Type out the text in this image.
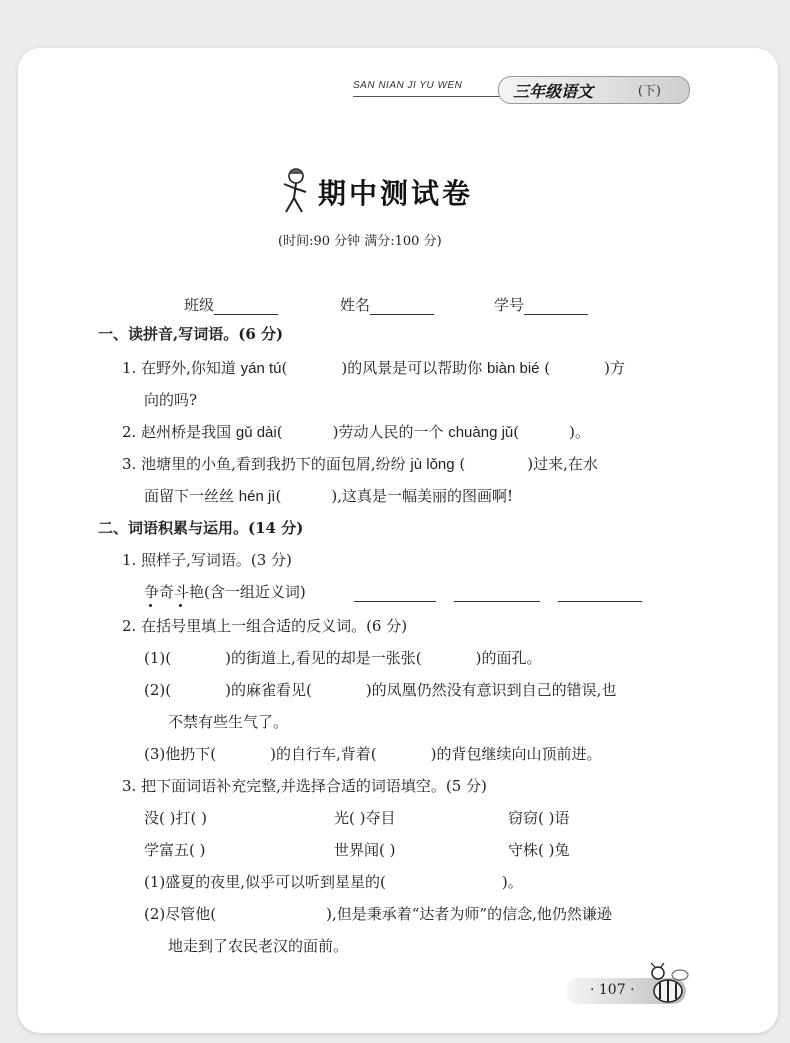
SAN NIAN JI YU WEN	三年级语文	(下)
期中测试卷
(时间:90 分钟 满分:100 分)
班级	姓名	学号
一、读拼音,写词语。(6 分)
1. 在野外,你知道 yán tú(	)的风景是可以帮助你 biàn bié (	)方
向的吗?
2. 赵州桥是我国 gǔ dài(	)劳动人民的一个 chuàng jǔ(	)。
3. 池塘里的小鱼,看到我扔下的面包屑,纷纷 jù lǒng (	)过来,在水
面留下一丝丝 hén jì(	),这真是一幅美丽的图画啊!
二、词语积累与运用。(14 分)
1. 照样子,写词语。(3 分)
争奇斗艳(含一组近义词)
2. 在括号里填上一组合适的反义词。(6 分)
(1)(	)的街道上,看见的却是一张张(	)的面孔。
(2)(	)的麻雀看见(	)的凤凰仍然没有意识到自己的错误,也
不禁有些生气了。
(3)他扔下(	)的自行车,背着(	)的背包继续向山顶前进。
3. 把下面词语补充完整,并选择合适的词语填空。(5 分)
没( )打( )	光( )夺目	窃窃( )语
学富五( )	世界闻( )	守株( )兔
(1)盛夏的夜里,似乎可以听到星星的(	)。
(2)尽管他(	),但是秉承着“达者为师”的信念,他仍然谦逊
地走到了农民老汉的面前。
· 107 ·
